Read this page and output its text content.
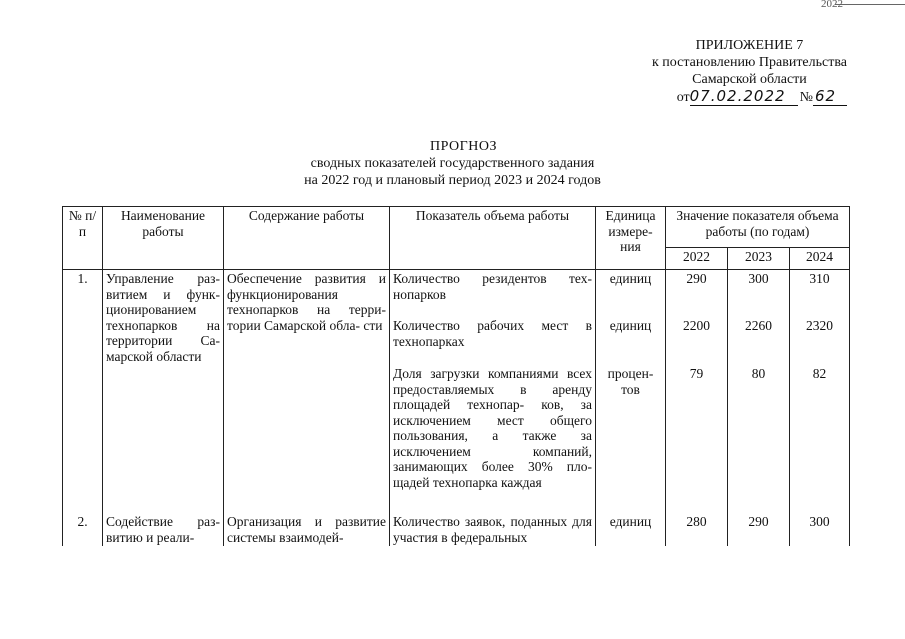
2022
ПРИЛОЖЕНИЕ 7
к постановлению Правительства
Самарской области
от 07.02.2022	№ 62
ПРОГНОЗ
сводных показателей государственного задания
на 2022 год и плановый период 2023 и 2024 годов
№ п/п	Наименование работы	Содержание работы	Показатель объема работы	Единица измере- ния	Значение показателя объема работы (по годам)		
					2022	2023	2024
1.	Управление раз- витием и функ- ционированием технопарков на территории Са- марской области	Обеспечение развития и функционирования технопарков на терри- тории Самарской обла- сти	Количество резидентов тех- нопарков	единиц	290	300	310
			Количество рабочих мест в технопарках	единиц	2200	2260	2320
			Доля загрузки компаниями всех предоставляемых в аренду площадей технопар- ков, за исключением мест общего пользования, а также за исключением компаний, занимающих более 30% пло- щадей технопарка каждая	процен- тов	79	80	82
2.	Содействие раз- витию и реали-	Организация и развитие системы взаимодей-	Количество заявок, поданных для участия в федеральных	единиц	280	290	300
